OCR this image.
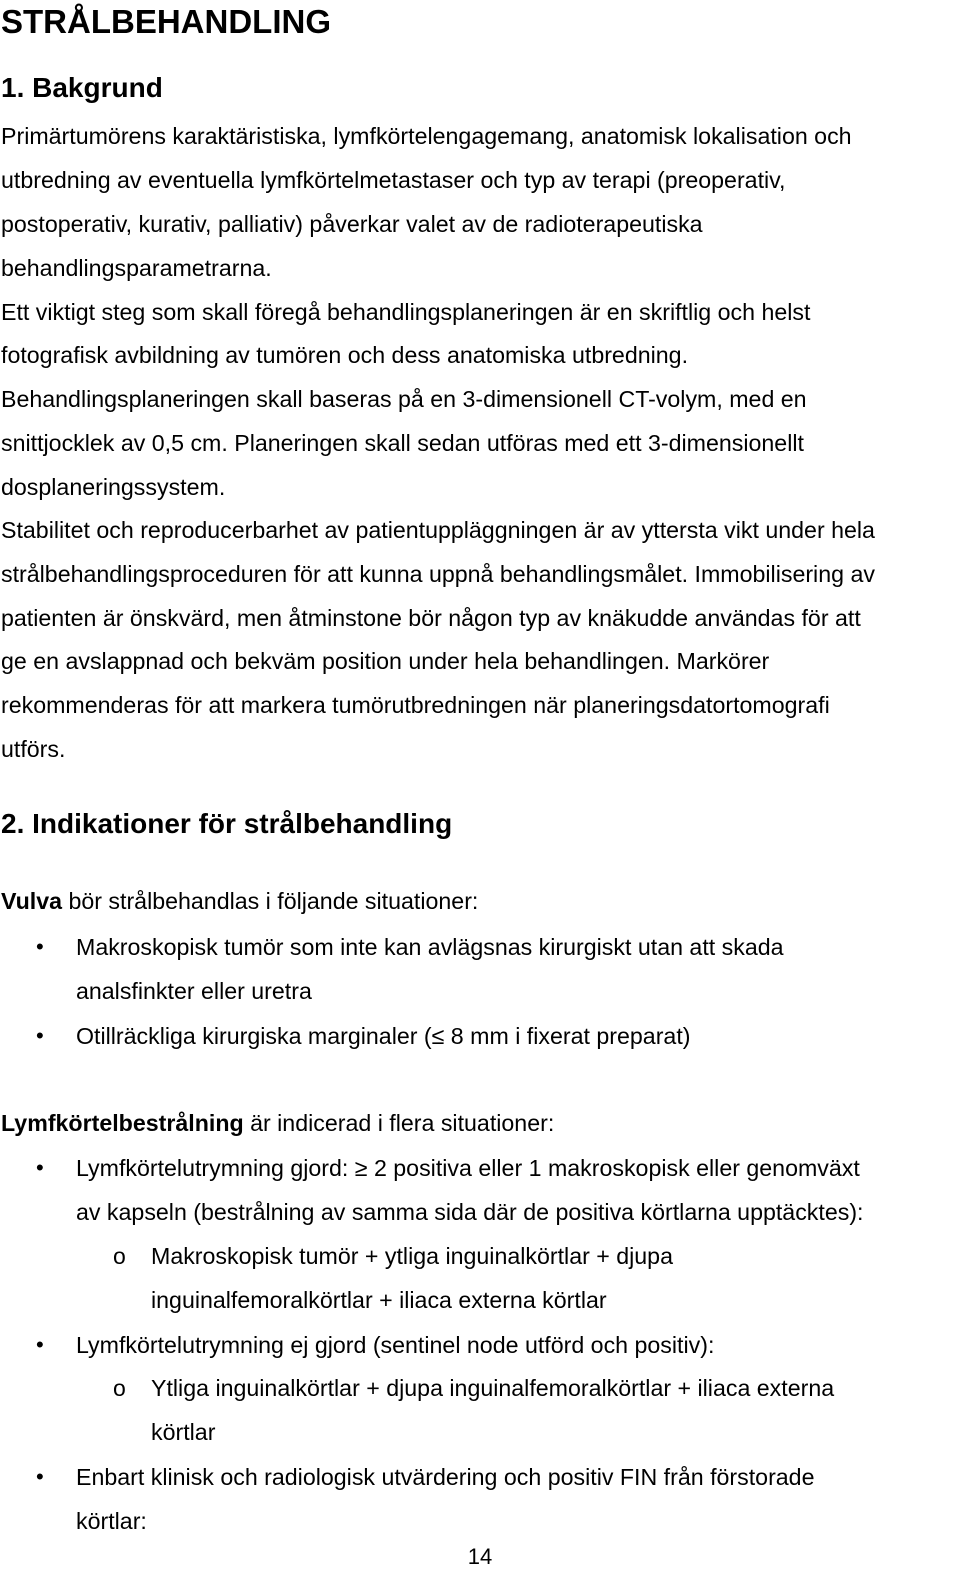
STRÅLBEHANDLING
1. Bakgrund

Primärtumörens karaktäristiska, lymfkörtelengagemang, anatomisk lokalisation och

utbredning av eventuella lymfkörtelmetastaser och typ av terapi (preoperativ,

postoperativ, kurativ, palliativ) påverkar valet av de radioterapeutiska

behandlingsparametrarna.

Ett viktigt steg som skall föregå behandlingsplaneringen är en skriftlig och helst

fotografisk avbildning av tumören och dess anatomiska utbredning.

Behandlingsplaneringen skall baseras på en 3-dimensionell CT-volym, med en

snittjocklek av 0,5 cm. Planeringen skall sedan utföras med ett 3-dimensionellt

dosplaneringssystem.

Stabilitet och reproducerbarhet av patientuppläggningen är av yttersta vikt under hela

strålbehandlingsproceduren för att kunna uppnå behandlingsmålet. Immobilisering av

patienten är önskvärd, men åtminstone bör någon typ av knäkudde användas för att

ge en avslappnad och bekväm position under hela behandlingen. Markörer

rekommenderas för att markera tumörutbredningen när planeringsdatortomografi

utförs.

2. Indikationer för strålbehandling

Vulva bör strålbehandlas i följande situationer:

• Makroskopisk tumör som inte kan avlägsnas kirurgiskt utan att skada
analsfinkter eller uretra
• Otillräckliga kirurgiska marginaler (≤ 8 mm i fixerat preparat)

Lymfkörtelbestrålning är indicerad i flera situationer:

• Lymfkörtelutrymning gjord: ≥ 2 positiva eller 1 makroskopisk eller genomväxt
av kapseln (bestrålning av samma sida där de positiva körtlarna upptäcktes):
o Makroskopisk tumör + ytliga inguinalkörtlar + djupa
inguinalfemoralkörtlar + iliaca externa körtlar
• Lymfkörtelutrymning ej gjord (sentinel node utförd och positiv):
o Ytliga inguinalkörtlar + djupa inguinalfemoralkörtlar + iliaca externa
körtlar
• Enbart klinisk och radiologisk utvärdering och positiv FIN från förstorade
körtlar:
14
